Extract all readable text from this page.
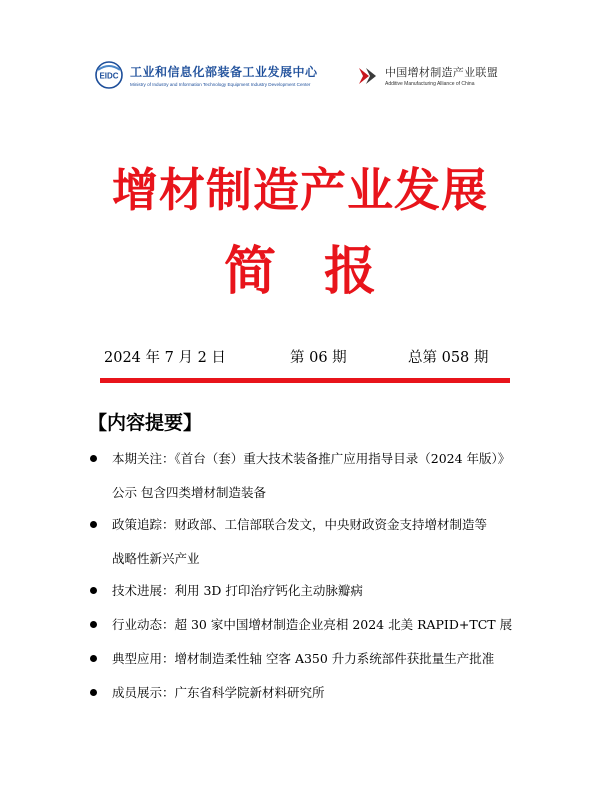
EIDC 工业和信息化部装备工业发展中心
Ministry of Industry and Information Technology Equipment Industry Development Center
中国增材制造产业联盟
Additive Manufacturing Alliance of China
增材制造产业发展
简报
2024 年 7 月 2 日	第 06 期	总第 058 期
【内容提要】
本期关注：《首台（套）重大技术装备推广应用指导目录（2024 年版）》
公示 包含四类增材制造装备
政策追踪：财政部、工信部联合发文，中央财政资金支持增材制造等
战略性新兴产业
技术进展：利用 3D 打印治疗钙化主动脉瓣病
行业动态：超 30 家中国增材制造企业亮相 2024 北美 RAPID+TCT 展
典型应用：增材制造柔性轴 空客 A350 升力系统部件获批量生产批准
成员展示：广东省科学院新材料研究所
